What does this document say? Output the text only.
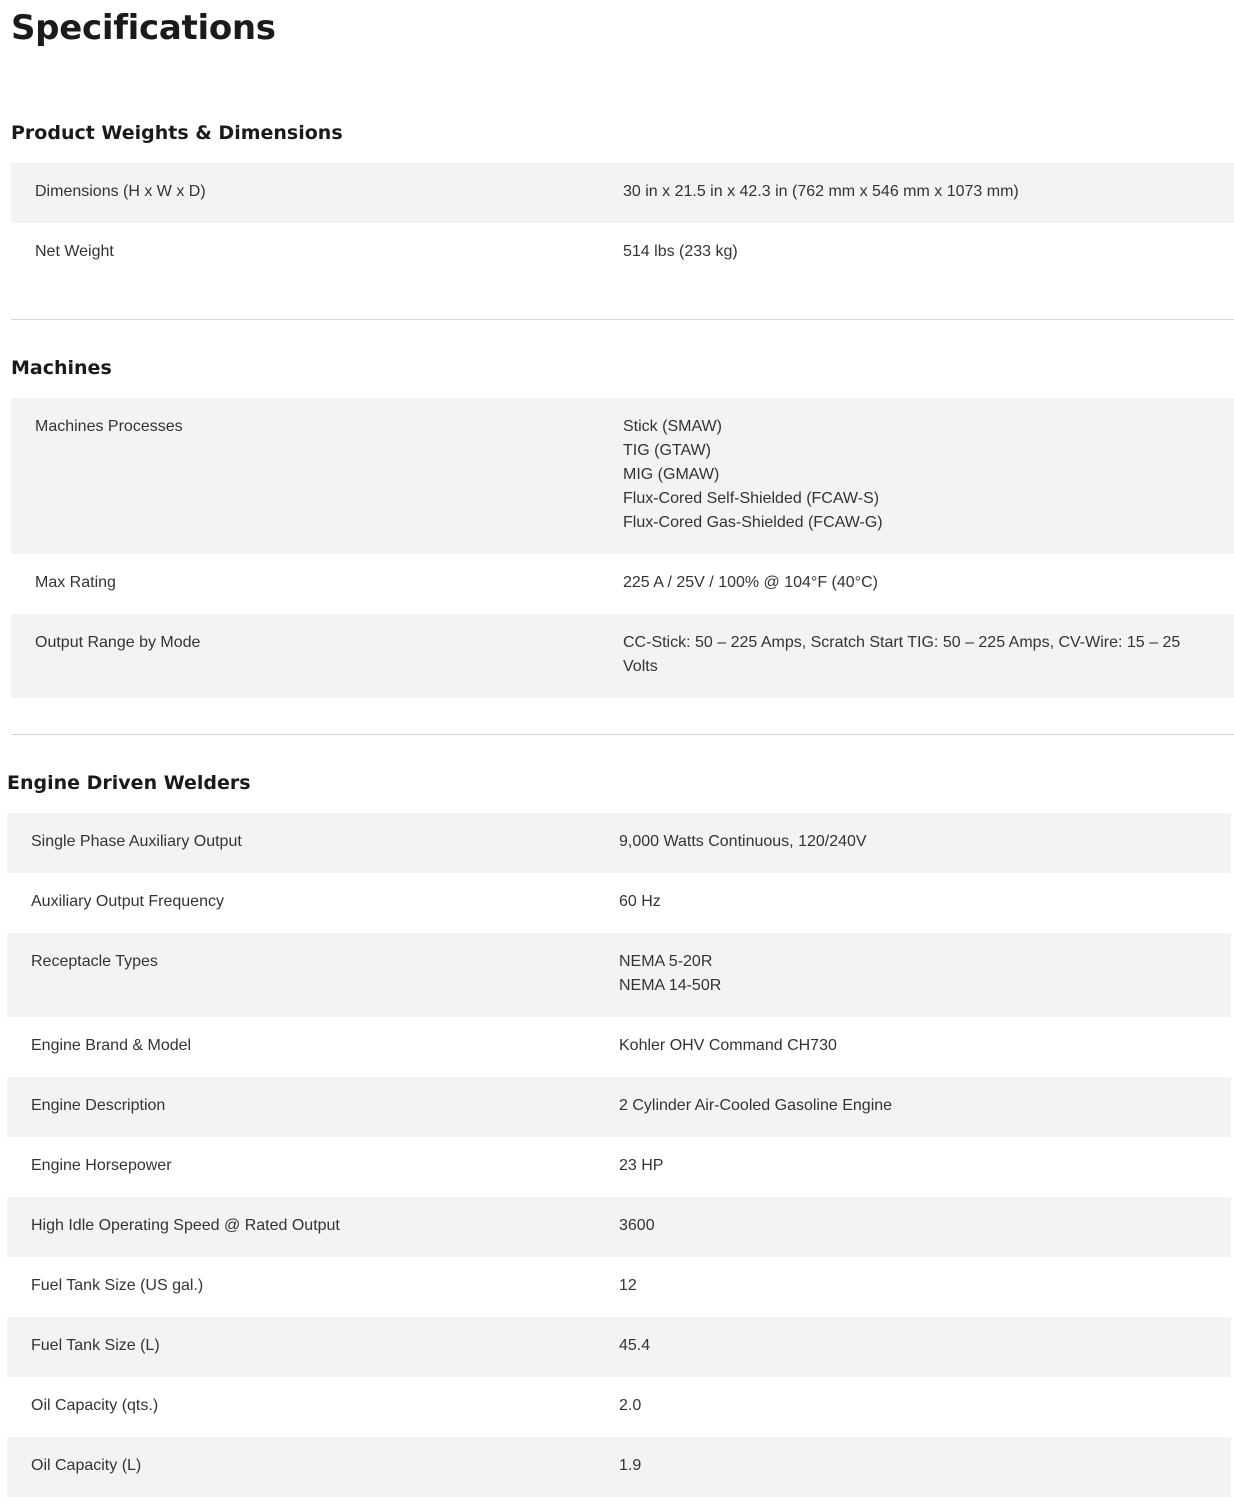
Specifications
Product Weights & Dimensions
Dimensions (H x W x D)	30 in x 21.5 in x 42.3 in (762 mm x 546 mm x 1073 mm)
Net Weight	514 lbs (233 kg)
Machines
Machines Processes	Stick (SMAW)
TIG (GTAW)
MIG (GMAW)
Flux-Cored Self-Shielded (FCAW-S)
Flux-Cored Gas-Shielded (FCAW-G)
Max Rating	225 A / 25V / 100% @ 104°F (40°C)
Output Range by Mode	CC-Stick: 50 – 225 Amps, Scratch Start TIG: 50 – 225 Amps, CV-Wire: 15 – 25 Volts
Engine Driven Welders
Single Phase Auxiliary Output	9,000 Watts Continuous, 120/240V
Auxiliary Output Frequency	60 Hz
Receptacle Types	NEMA 5-20R
NEMA 14-50R
Engine Brand & Model	Kohler OHV Command CH730
Engine Description	2 Cylinder Air-Cooled Gasoline Engine
Engine Horsepower	23 HP
High Idle Operating Speed @ Rated Output	3600
Fuel Tank Size (US gal.)	12
Fuel Tank Size (L)	45.4
Oil Capacity (qts.)	2.0
Oil Capacity (L)	1.9
